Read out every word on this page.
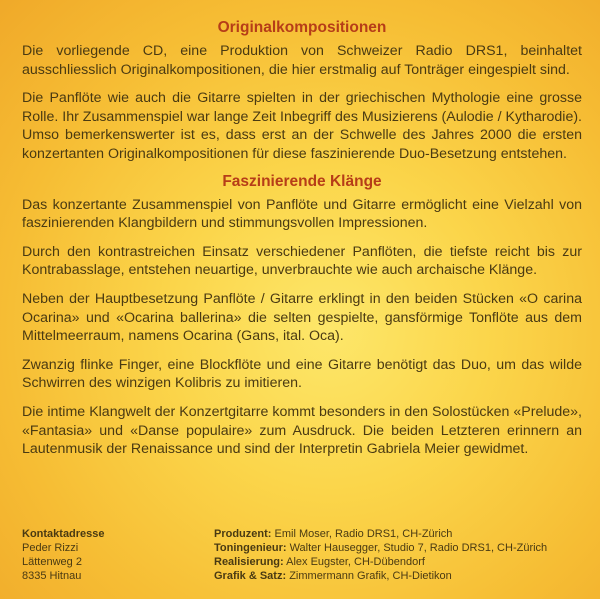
Originalkompositionen

Die vorliegende CD, eine Produktion von Schweizer Radio DRS1, beinhaltet ausschliesslich Originalkompositionen, die hier erstmalig auf Tonträger eingespielt sind.

Die Panflöte wie auch die Gitarre spielten in der griechischen Mythologie eine grosse Rolle. Ihr Zusammenspiel war lange Zeit Inbegriff des Musizierens (Aulodie / Kytharodie). Umso bemerkenswerter ist es, dass erst an der Schwelle des Jahres 2000 die ersten konzertanten Originalkompositionen für diese faszinierende Duo-Besetzung entstehen.

Faszinierende Klänge

Das konzertante Zusammenspiel von Panflöte und Gitarre ermöglicht eine Vielzahl von faszinierenden Klangbildern und stimmungsvollen Impressionen.

Durch den kontrastreichen Einsatz verschiedener Panflöten, die tiefste reicht bis zur Kontrabasslage, entstehen neuartige, unverbrauchte wie auch archaische Klänge.

Neben der Hauptbesetzung Panflöte / Gitarre erklingt in den beiden Stücken «O carina Ocarina» und «Ocarina ballerina» die selten gespielte, gansförmige Tonflöte aus dem Mittelmeerraum, namens Ocarina (Gans, ital. Oca).

Zwanzig flinke Finger, eine Blockflöte und eine Gitarre benötigt das Duo, um das wilde Schwirren des winzigen Kolibris zu imitieren.

Die intime Klangwelt der Konzertgitarre kommt besonders in den Solostücken «Prelude», «Fantasia» und «Danse populaire» zum Ausdruck. Die beiden Letzteren erinnern an Lautenmusik der Renaissance und sind der Interpretin Gabriela Meier gewidmet.

Kontaktadresse
Peder Rizzi
Lättenweg 2
8335 Hitnau
Produzent: Emil Moser, Radio DRS1, CH-Zürich
Toningenieur: Walter Hausegger, Studio 7, Radio DRS1, CH-Zürich
Realisierung: Alex Eugster, CH-Dübendorf
Grafik & Satz: Zimmermann Grafik, CH-Dietikon
